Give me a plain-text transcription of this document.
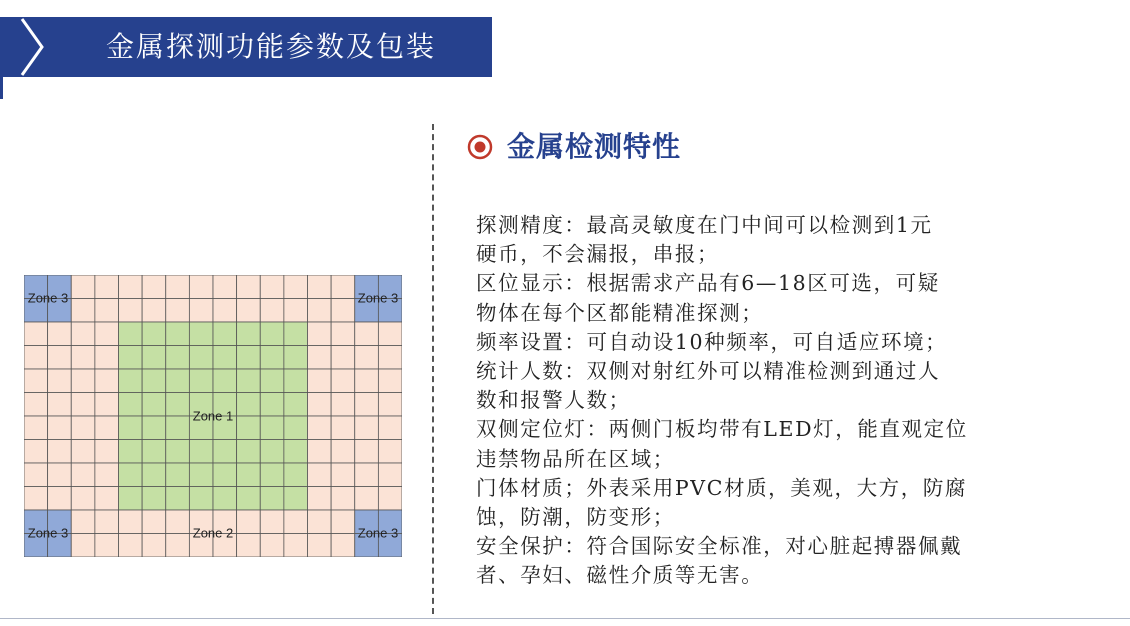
金属探测功能参数及包装
金属检测特性
探测精度：最高灵敏度在门中间可以检测到1元
硬币，不会漏报，串报；
区位显示：根据需求产品有6—18区可选，可疑
物体在每个区都能精准探测；
频率设置：可自动设10种频率，可自适应环境；
统计人数：双侧对射红外可以精准检测到通过人
数和报警人数；
双侧定位灯：两侧门板均带有LED灯，能直观定位
违禁物品所在区域；
门体材质；外表采用PVC材质，美观，大方，防腐
蚀，防潮，防变形；
安全保护：符合国际安全标准，对心脏起搏器佩戴
者、孕妇、磁性介质等无害。
Zone 1
Zone 2
Zone 3	Zone 3
Zone 3	Zone 3
